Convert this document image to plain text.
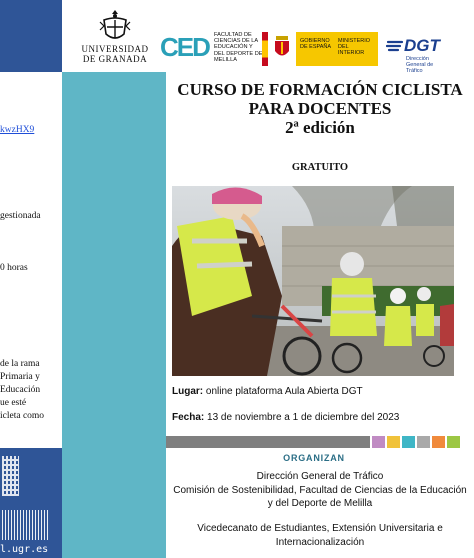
kwzHX9
gestionada
0 horas
de la rama
Primaria y
Educación
ue esté
icleta como
l.ugr.es
UNIVERSIDAD
DE GRANADA CED FACULTAD DE CIENCIAS DE LA EDUCACIÓN Y DEL DEPORTE DE MELILLA
GOBIERNO DE ESPAÑA
MINISTERIO DEL INTERIOR	DGT
Dirección General de Tráfico
CURSO DE FORMACIÓN CICLISTA
PARA DOCENTES
2ª edición
GRATUITO
Lugar: online plataforma Aula Abierta DGT
Fecha: 13 de noviembre a 1 de diciembre del 2023
ORGANIZAN
Dirección General de Tráfico
Comisión de Sostenibilidad, Facultad de Ciencias de la Educación
y del Deporte de Melilla
Vicedecanato de Estudiantes, Extensión Universitaria e
Internacionalización
